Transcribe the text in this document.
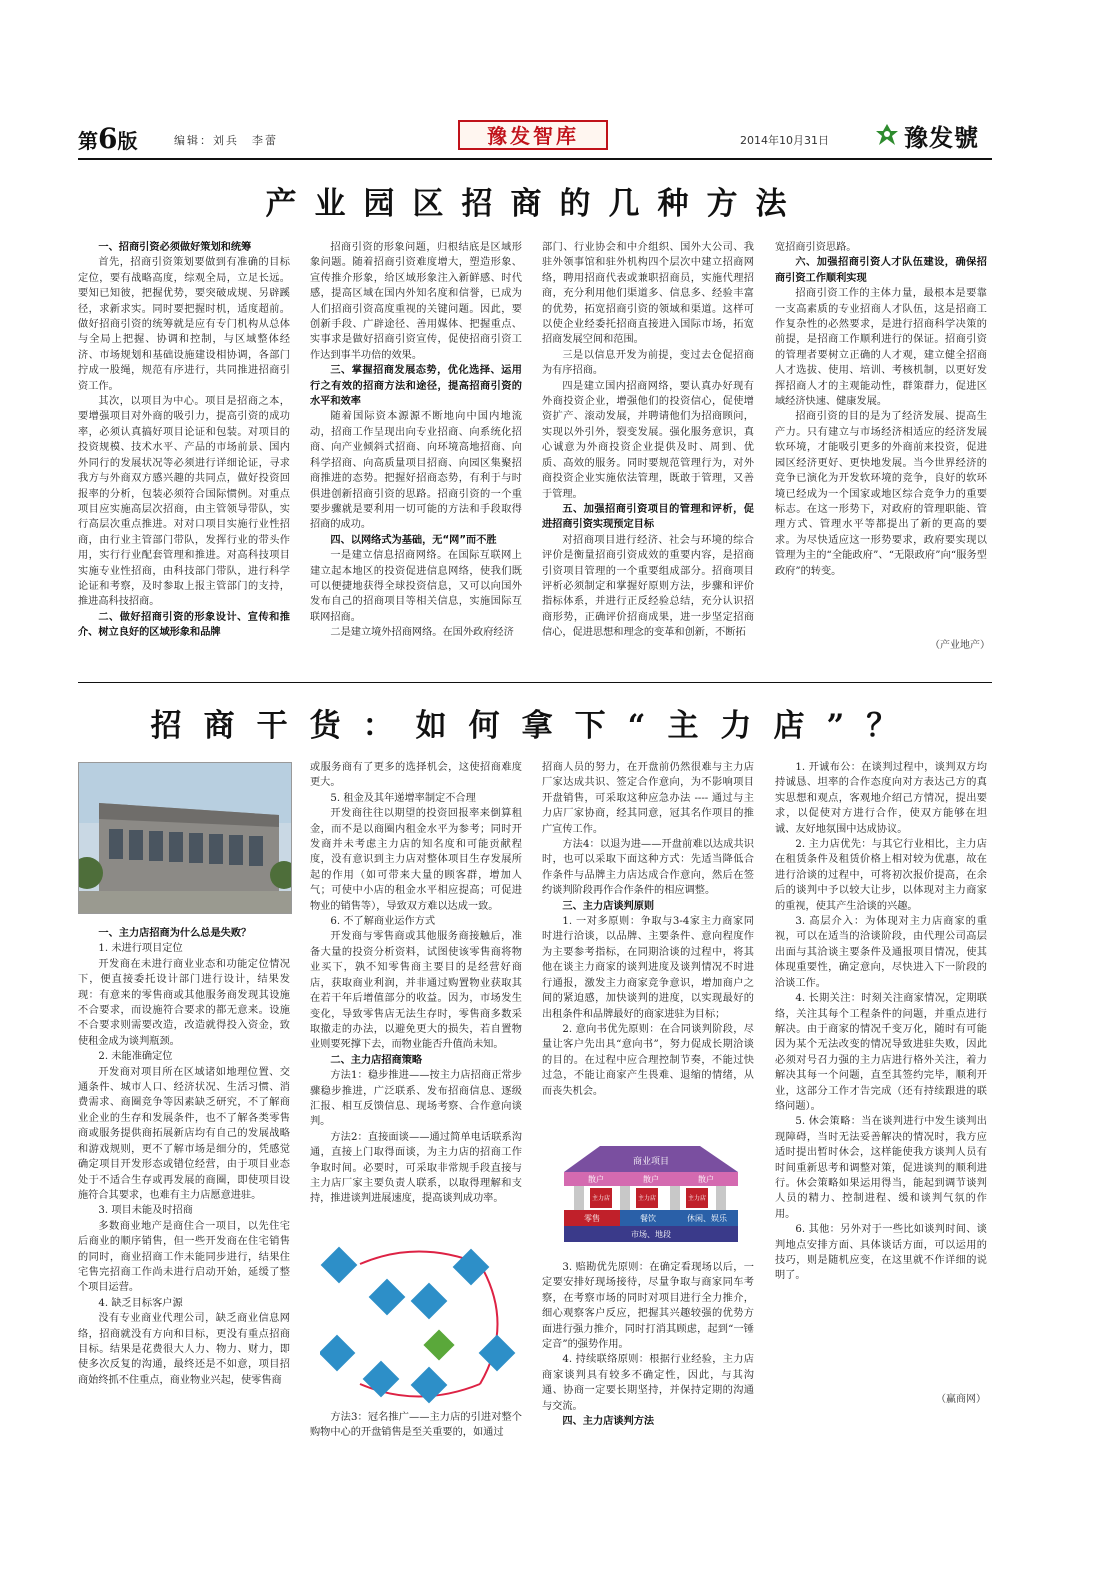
第6版	编辑：刘兵　李蕾	豫发智库	2014年10月31日	豫发號
产业园区招商的几种方法
一、招商引资必须做好策划和统筹

首先，招商引资策划要做到有准确的目标定位，要有战略高度，综观全局，立足长远。要知已知彼，把握优势，要突破成规、另辟蹊径，求新求实。同时要把握时机，适度超前。做好招商引资的统筹就是应有专门机构从总体与全局上把握、协调和控制，与区域整体经济、市场规划和基础设施建设相协调，各部门拧成一股绳，规范有序进行，共同推进招商引资工作。

其次，以项目为中心。项目是招商之本，要增强项目对外商的吸引力，提高引资的成功率，必须认真搞好项目论证和包装。对项目的投资规模、技术水平、产品的市场前景、国内外同行的发展状况等必须进行详细论证，寻求我方与外商双方感兴趣的共同点，做好投资回报率的分析，包装必须符合国际惯例。对重点项目应实施高层次招商，由主管领导带队，实行高层次重点推进。对对口项目实施行业性招商，由行业主管部门带队，发挥行业的带头作用，实行行业配套管理和推进。对高科技项目实施专业性招商，由科技部门带队，进行科学论证和考察，及时参取上报主管部门的支持，推进高科技招商。

二、做好招商引资的形象设计、宣传和推介、树立良好的区域形象和品牌

招商引资的形象问题，归根结底是区域形象问题。随着招商引资难度增大，塑造形象、宣传推介形象，给区域形象注入新鲜感、时代感，提高区域在国内外知名度和信誉，已成为人们招商引资高度重视的关键问题。因此，要创新手段、广辟途径、善用媒体、把握重点、实事求是做好招商引资宣传，促使招商引资工作达到事半功倍的效果。

三、掌握招商发展态势，优化选择、运用行之有效的招商方法和途径，提高招商引资的水平和效率

随着国际资本源源不断地向中国内地流动，招商工作呈现出向专业招商、向系统化招商、向产业倾斜式招商、向环境高地招商、向科学招商、向高质量项目招商、向园区集聚招商推进的态势。把握好招商态势，有利于与时俱进创新招商引资的思路。招商引资的一个重要步骤就是要利用一切可能的方法和手段取得招商的成功。

四、以网络式为基础，无“网”而不胜

一是建立信息招商网络。在国际互联网上建立起本地区的投资促进信息网络，使我们既可以便捷地获得全球投资信息，又可以向国外发布自己的招商项目等相关信息，实施国际互联网招商。

二是建立境外招商网络。在国外政府经济

部门、行业协会和中介组织、国外大公司、我驻外领事馆和驻外机构四个层次中建立招商网络，聘用招商代表或兼职招商员，实施代理招商，充分利用他们渠道多、信息多、经验丰富的优势，拓宽招商引资的领域和渠道。这样可以使企业经委托招商直接进入国际市场，拓宽招商发展空间和范围。

三是以信息开发为前提，变过去仓促招商为有序招商。

四是建立国内招商网络，要认真办好现有外商投资企业，增强他们的投资信心，促使增资扩产、滚动发展，并聘请他们为招商顾问，实现以外引外，裂变发展。强化服务意识，真心诚意为外商投资企业提供及时、周到、优质、高效的服务。同时要规范管理行为，对外商投资企业实施依法管理，既敢于管理，又善于管理。

五、加强招商引资项目的管理和评析，促进招商引资实现预定目标

对招商项目进行经济、社会与环境的综合评价是衡量招商引资成效的重要内容，是招商引资项目管理的一个重要组成部分。招商项目评析必须制定和掌握好原则方法，步骤和评价指标体系，并进行正反经验总结，充分认识招商形势，正确评价招商成果，进一步坚定招商信心，促进思想和理念的变革和创新，不断拓

宽招商引资思路。

六、加强招商引资人才队伍建设，确保招商引资工作顺利实现

招商引资工作的主体力量，最根本是要靠一支高素质的专业招商人才队伍，这是招商工作复杂性的必然要求，是进行招商科学决策的前提，是招商工作顺利进行的保证。招商引资的管理者要树立正确的人才观，建立健全招商人才选拔、使用、培训、考核机制，以更好发挥招商人才的主观能动性，群策群力，促进区域经济快速、健康发展。

招商引资的目的是为了经济发展、提高生产力。只有建立与市场经济相适应的经济发展软环境，才能吸引更多的外商前来投资，促进园区经济更好、更快地发展。当今世界经济的竞争已演化为开发软环境的竞争，良好的软环境已经成为一个国家或地区综合竞争力的重要标志。在这一形势下，对政府的管理职能、管理方式、管理水平等都提出了新的更高的要求。为尽快适应这一形势要求，政府要实现以管理为主的“全能政府”、“无限政府”向“服务型政府”的转变。

（产业地产）
招商干货：如何拿下“主力店”？
一、主力店招商为什么总是失败？

1. 未进行项目定位

开发商在未进行商业业态和功能定位情况下，便直接委托设计部门进行设计，结果发现：有意来的零售商或其他服务商发现其设施不合要求，而设施符合要求的都无意来。设施不合要求则需要改造，改造就得投入资金，致使租金成为谈判瓶颈。

2. 未能准确定位

开发商对项目所在区域诸如地理位置、交通条件、城市人口、经济状况、生活习惯、消费需求、商圈竞争等因素缺乏研究，不了解商业企业的生存和发展条件，也不了解各类零售商或服务提供商拓展新店均有自己的发展战略和游戏规则，更不了解市场是细分的，凭感觉确定项目开发形态或错位经营，由于项目业态处于不适合生存或再发展的商圈，即使项目设施符合其要求，也难有主力店愿意进驻。

3. 项目未能及时招商

多数商业地产是商住合一项目，以先住宅后商业的顺序销售，但一些开发商在住宅销售的同时，商业招商工作未能同步进行，结果住宅售完招商工作尚未进行启动开始，延缓了整个项目运营。

4. 缺乏目标客户源

没有专业商业代理公司，缺乏商业信息网络，招商就没有方向和目标，更没有重点招商目标。结果是花费很大人力、物力、财力，即使多次反复的沟通，最终还是不如意，项目招商始终抓不住重点，商业物业兴起，使零售商

或服务商有了更多的选择机会，这使招商难度更大。

5. 租金及其年递增率制定不合理

开发商往往以期望的投资回报率来倒算租金，而不是以商圈内租金水平为参考；同时开发商并未考虑主力店的知名度和可能贡献程度，没有意识到主力店对整体项目生存发展所起的作用（如可带来大量的顾客群，增加人气；可使中小店的租金水平相应提高；可促进物业的销售等），导致双方难以达成一致。

6. 不了解商业运作方式

开发商与零售商或其他服务商接触后，准备大量的投资分析资料，试图使该零售商将物业买下，孰不知零售商主要目的是经营好商店，获取商业利润，并非通过购置物业获取其在若干年后增值部分的收益。因为，市场发生变化，导致零售店无法生存时，零售商多数采取撤走的办法，以避免更大的损失，若自置物业则要死撑下去，而物业能否升值尚未知。

二、主力店招商策略

方法1：稳步推进——按主力店招商正常步骤稳步推进，广泛联系、发布招商信息、逐级汇报、相互反馈信息、现场考察、合作意向谈判。

方法2：直接面谈——通过简单电话联系沟通，直接上门取得面谈，为主力店的招商工作争取时间。必要时，可采取非常规手段直接与主力店厂家主要负责人联系，以取得理解和支持，推进谈判进展速度，提高谈判成功率。

方法3：冠名推广——主力店的引进对整个购物中心的开盘销售是至关重要的，如通过

招商人员的努力，在开盘前仍然很难与主力店厂家达成共识、签定合作意向，为不影响项目开盘销售，可采取这种应急办法 ---- 通过与主力店厂家协商，经其同意，冠其名作项目的推广宣传工作。

方法4：以退为进——开盘前难以达成共识时，也可以采取下面这种方式：先适当降低合作条件与品牌主力店达成合作意向，然后在签约谈判阶段再作合作条件的相应调整。

三、主力店谈判原则

1. 一对多原则：争取与3-4家主力商家同时进行洽谈，以品牌、主要条件、意向程度作为主要参考指标，在同期洽谈的过程中，将其他在谈主力商家的谈判进度及谈判情况不时进行通报，激发主力商家竞争意识，增加商户之间的紧迫感，加快谈判的进度，以实现最好的出租条件和品牌最好的商家进驻为目标；

2. 意向书优先原则：在合同谈判阶段，尽量让客户先出具“意向书”，努力促成长期洽谈的目的。在过程中应合理控制节奏，不能过快过急，不能让商家产生畏难、退缩的情绪，从而丧失机会。

商业项目
散户	散户	散户
主力店	主力店	主力店
零售	餐饮	休闲、娱乐
市场、地段

3. 赔勘优先原则：在确定看现场以后，一定要安排好现场接待，尽量争取与商家同车考察，在考察市场的同时对项目进行全力推介，细心观察客户反应，把握其兴趣较强的优势方面进行强力推介，同时打消其顾虑，起到“一锤定音”的强势作用。

4. 持续联络原则：根据行业经验，主力店商家谈判具有较多不确定性，因此，与其沟通、协商一定要长期坚持，并保持定期的沟通与交流。

四、主力店谈判方法

1. 开诚布公：在谈判过程中，谈判双方均持诚恳、坦率的合作态度向对方表达己方的真实思想和观点，客观地介绍己方情况，提出要求，以促使对方进行合作，使双方能够在坦诚、友好地氛围中达成协议。

2. 主力店优先：与其它行业相比，主力店在租赁条件及租赁价格上相对较为优惠，故在进行洽谈的过程中，可将初次报价提高，在余后的谈判中予以较大让步，以体现对主力商家的重视，使其产生洽谈的兴趣。

3. 高层介入：为体现对主力店商家的重视，可以在适当的洽谈阶段，由代理公司高层出面与其洽谈主要条件及通报项目情况，使其体现重要性，确定意向，尽快进入下一阶段的洽谈工作。

4. 长期关注：时刻关注商家情况，定期联络，关注其每个工程条件的问题，并重点进行解决。由于商家的情况千变万化，随时有可能因为某个无法改变的情况导致进驻失败，因此必须对号召力强的主力店进行格外关注，着力解决其每一个问题，直至其签约完毕，顺利开业，这部分工作才告完成（还有持续跟进的联络问题）。

5. 休会策略：当在谈判进行中发生谈判出现障碍，当时无法妥善解决的情况时，我方应适时提出暂时休会，这样能使我方谈判人员有时间重新思考和调整对策，促进谈判的顺利进行。休会策略如果运用得当，能起到调节谈判人员的精力、控制进程、缓和谈判气氛的作用。

6. 其他：另外对于一些比如谈判时间、谈判地点安排方面、具体谈话方面，可以运用的技巧，则是随机应变，在这里就不作详细的说明了。

（赢商网）
